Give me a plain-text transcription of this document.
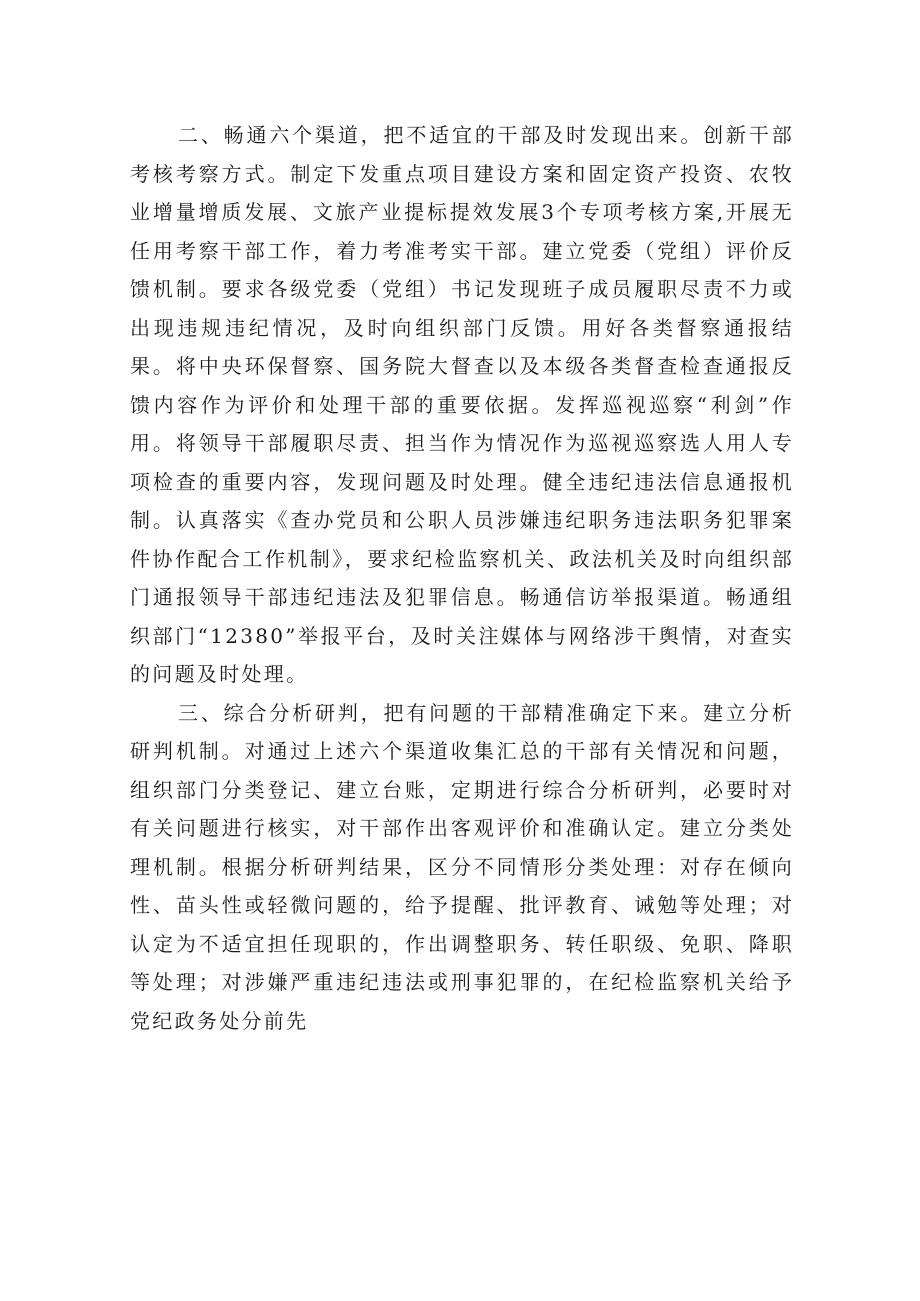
二、畅通六个渠道，把不适宜的干部及时发现出来。创新干部考核考察方式。制定下发重点项目建设方案和固定资产投资、农牧业增量增质发展、文旅产业提标提效发展3个专项考核方案,开展无任用考察干部工作，着力考准考实干部。建立党委（党组）评价反馈机制。要求各级党委（党组）书记发现班子成员履职尽责不力或出现违规违纪情况，及时向组织部门反馈。用好各类督察通报结果。将中央环保督察、国务院大督查以及本级各类督查检查通报反馈内容作为评价和处理干部的重要依据。发挥巡视巡察“利剑”作用。将领导干部履职尽责、担当作为情况作为巡视巡察选人用人专项检查的重要内容，发现问题及时处理。健全违纪违法信息通报机制。认真落实《查办党员和公职人员涉嫌违纪职务违法职务犯罪案件协作配合工作机制》，要求纪检监察机关、政法机关及时向组织部门通报领导干部违纪违法及犯罪信息。畅通信访举报渠道。畅通组织部门“12380”举报平台，及时关注媒体与网络涉干舆情，对查实的问题及时处理。

三、综合分析研判，把有问题的干部精准确定下来。建立分析研判机制。对通过上述六个渠道收集汇总的干部有关情况和问题，组织部门分类登记、建立台账，定期进行综合分析研判，必要时对有关问题进行核实，对干部作出客观评价和准确认定。建立分类处理机制。根据分析研判结果，区分不同情形分类处理：对存在倾向性、苗头性或轻微问题的，给予提醒、批评教育、诫勉等处理；对认定为不适宜担任现职的，作出调整职务、转任职级、免职、降职等处理；对涉嫌严重违纪违法或刑事犯罪的，在纪检监察机关给予党纪政务处分前先
